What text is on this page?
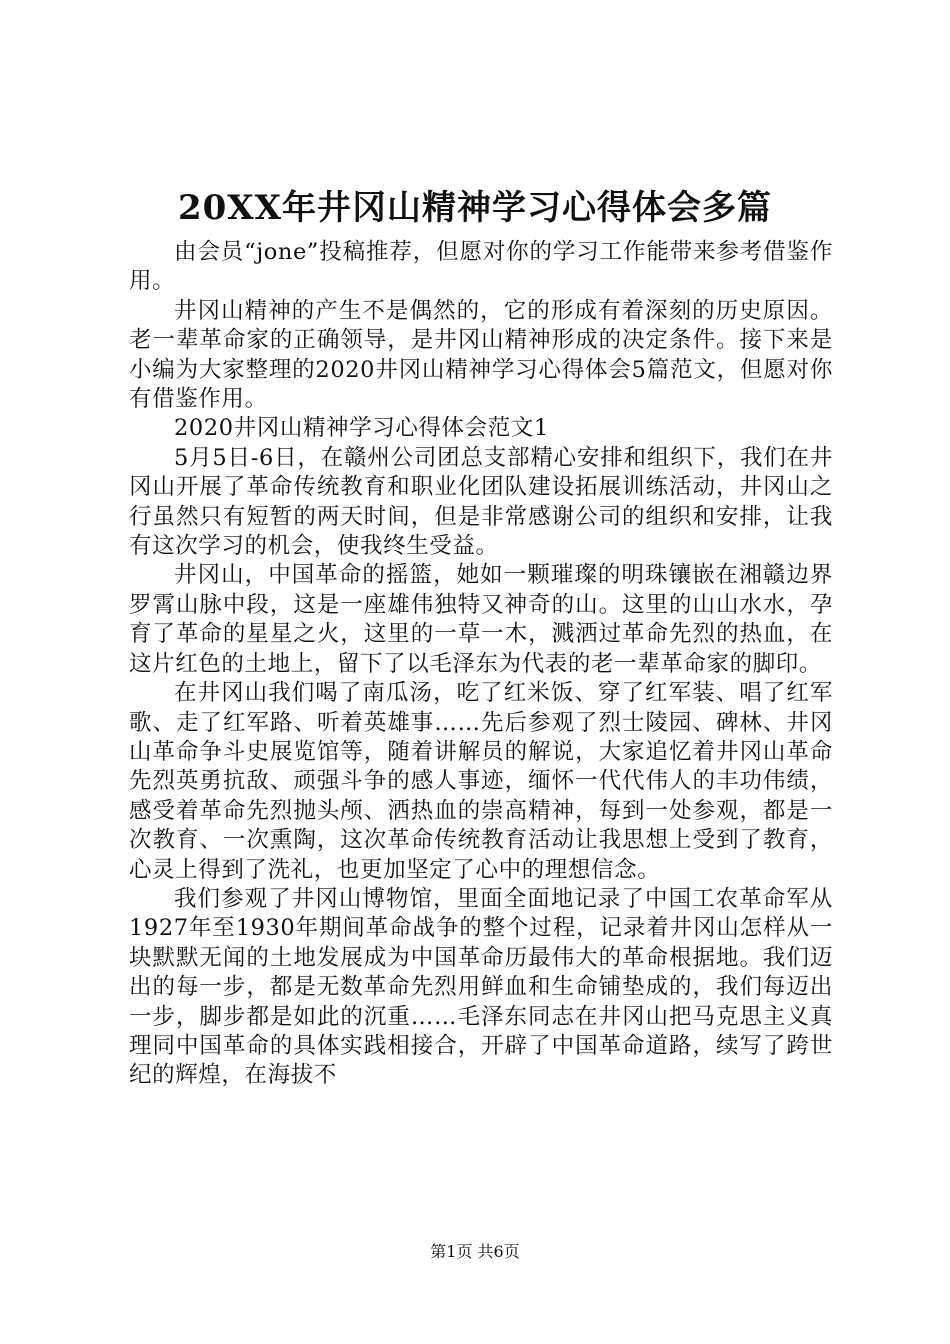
20XX年井冈山精神学习心得体会多篇

由会员“jone”投稿推荐，但愿对你的学习工作能带来参考借鉴作用。

井冈山精神的产生不是偶然的，它的形成有着深刻的历史原因。老一辈革命家的正确领导，是井冈山精神形成的决定条件。接下来是小编为大家整理的2020井冈山精神学习心得体会5篇范文，但愿对你有借鉴作用。

2020井冈山精神学习心得体会范文1

5月5日-6日，在赣州公司团总支部精心安排和组织下，我们在井冈山开展了革命传统教育和职业化团队建设拓展训练活动，井冈山之行虽然只有短暂的两天时间，但是非常感谢公司的组织和安排，让我有这次学习的机会，使我终生受益。

井冈山，中国革命的摇篮，她如一颗璀璨的明珠镶嵌在湘赣边界罗霄山脉中段，这是一座雄伟独特又神奇的山。这里的山山水水，孕育了革命的星星之火，这里的一草一木，溅洒过革命先烈的热血，在这片红色的土地上，留下了以毛泽东为代表的老一辈革命家的脚印。

在井冈山我们喝了南瓜汤，吃了红米饭、穿了红军装、唱了红军歌、走了红军路、听着英雄事……先后参观了烈士陵园、碑林、井冈山革命争斗史展览馆等，随着讲解员的解说，大家追忆着井冈山革命先烈英勇抗敌、顽强斗争的感人事迹，缅怀一代代伟人的丰功伟绩，感受着革命先烈抛头颅、洒热血的崇高精神，每到一处参观，都是一次教育、一次熏陶，这次革命传统教育活动让我思想上受到了教育，心灵上得到了洗礼，也更加坚定了心中的理想信念。

我们参观了井冈山博物馆，里面全面地记录了中国工农革命军从1927年至1930年期间革命战争的整个过程，记录着井冈山怎样从一块默默无闻的土地发展成为中国革命历最伟大的革命根据地。我们迈出的每一步，都是无数革命先烈用鲜血和生命铺垫成的，我们每迈出一步，脚步都是如此的沉重……毛泽东同志在井冈山把马克思主义真理同中国革命的具体实践相接合，开辟了中国革命道路，续写了跨世纪的辉煌，在海拔不

第1页 共6页
